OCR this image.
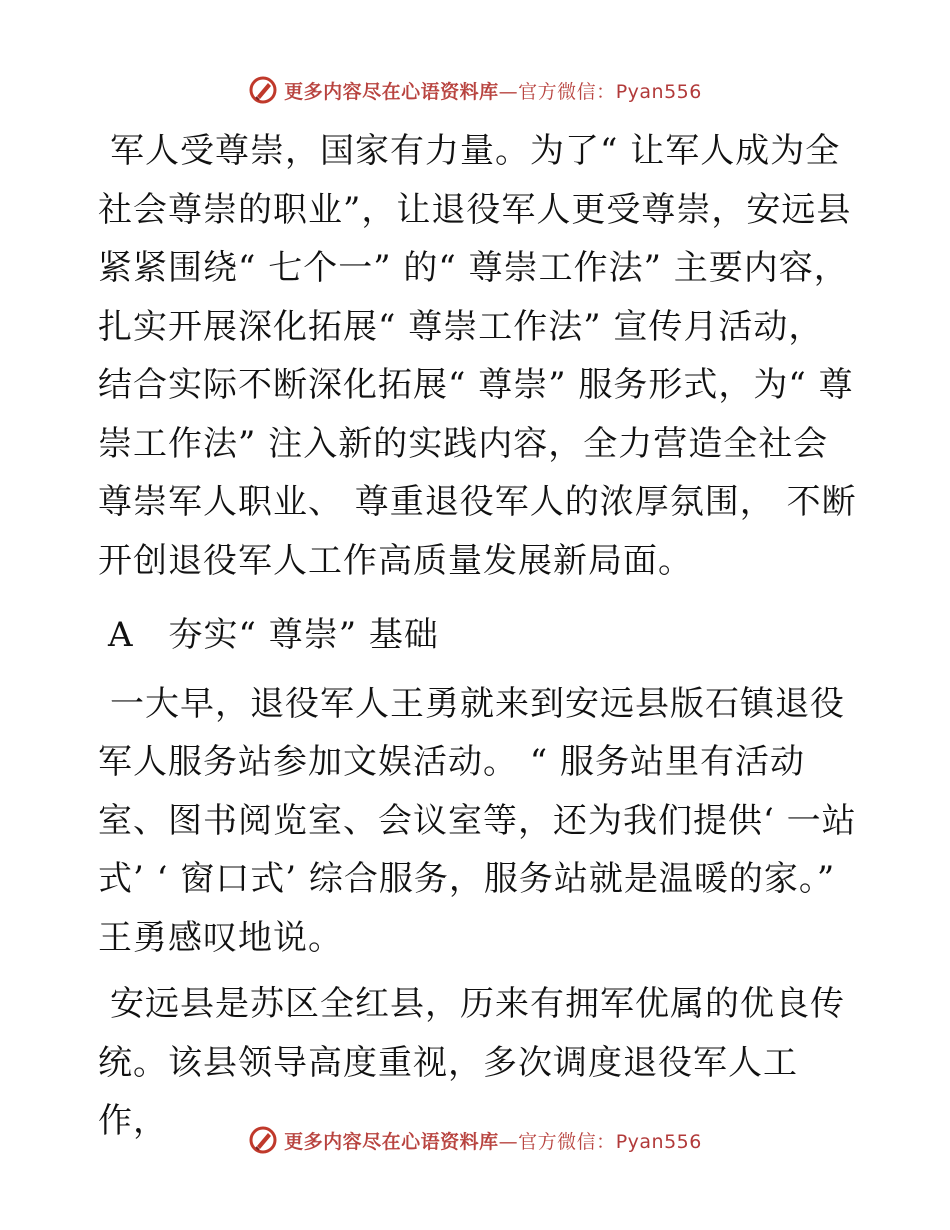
更多内容尽在心语资料库—官方微信：Pyan556

军人受尊崇，国家有力量。为了“ 让军人成为全社会尊崇的职业”，让退役军人更受尊崇，安远县紧紧围绕“ 七个一” 的“ 尊崇工作法” 主要内容，扎实开展深化拓展“ 尊崇工作法” 宣传月活动，结合实际不断深化拓展“ 尊崇” 服务形式，为“ 尊崇工作法” 注入新的实践内容，全力营造全社会尊崇军人职业、 尊重退役军人的浓厚氛围， 不断开创退役军人工作高质量发展新局面。

A　夯实“ 尊崇” 基础

一大早，退役军人王勇就来到安远县版石镇退役军人服务站参加文娱活动。 “ 服务站里有活动室、图书阅览室、会议室等，还为我们提供‘ 一站式’ ‘ 窗口式’ 综合服务，服务站就是温暖的家。” 王勇感叹地说。

安远县是苏区全红县，历来有拥军优属的优良传统。该县领导高度重视，多次调度退役军人工作，

更多内容尽在心语资料库—官方微信：Pyan556
